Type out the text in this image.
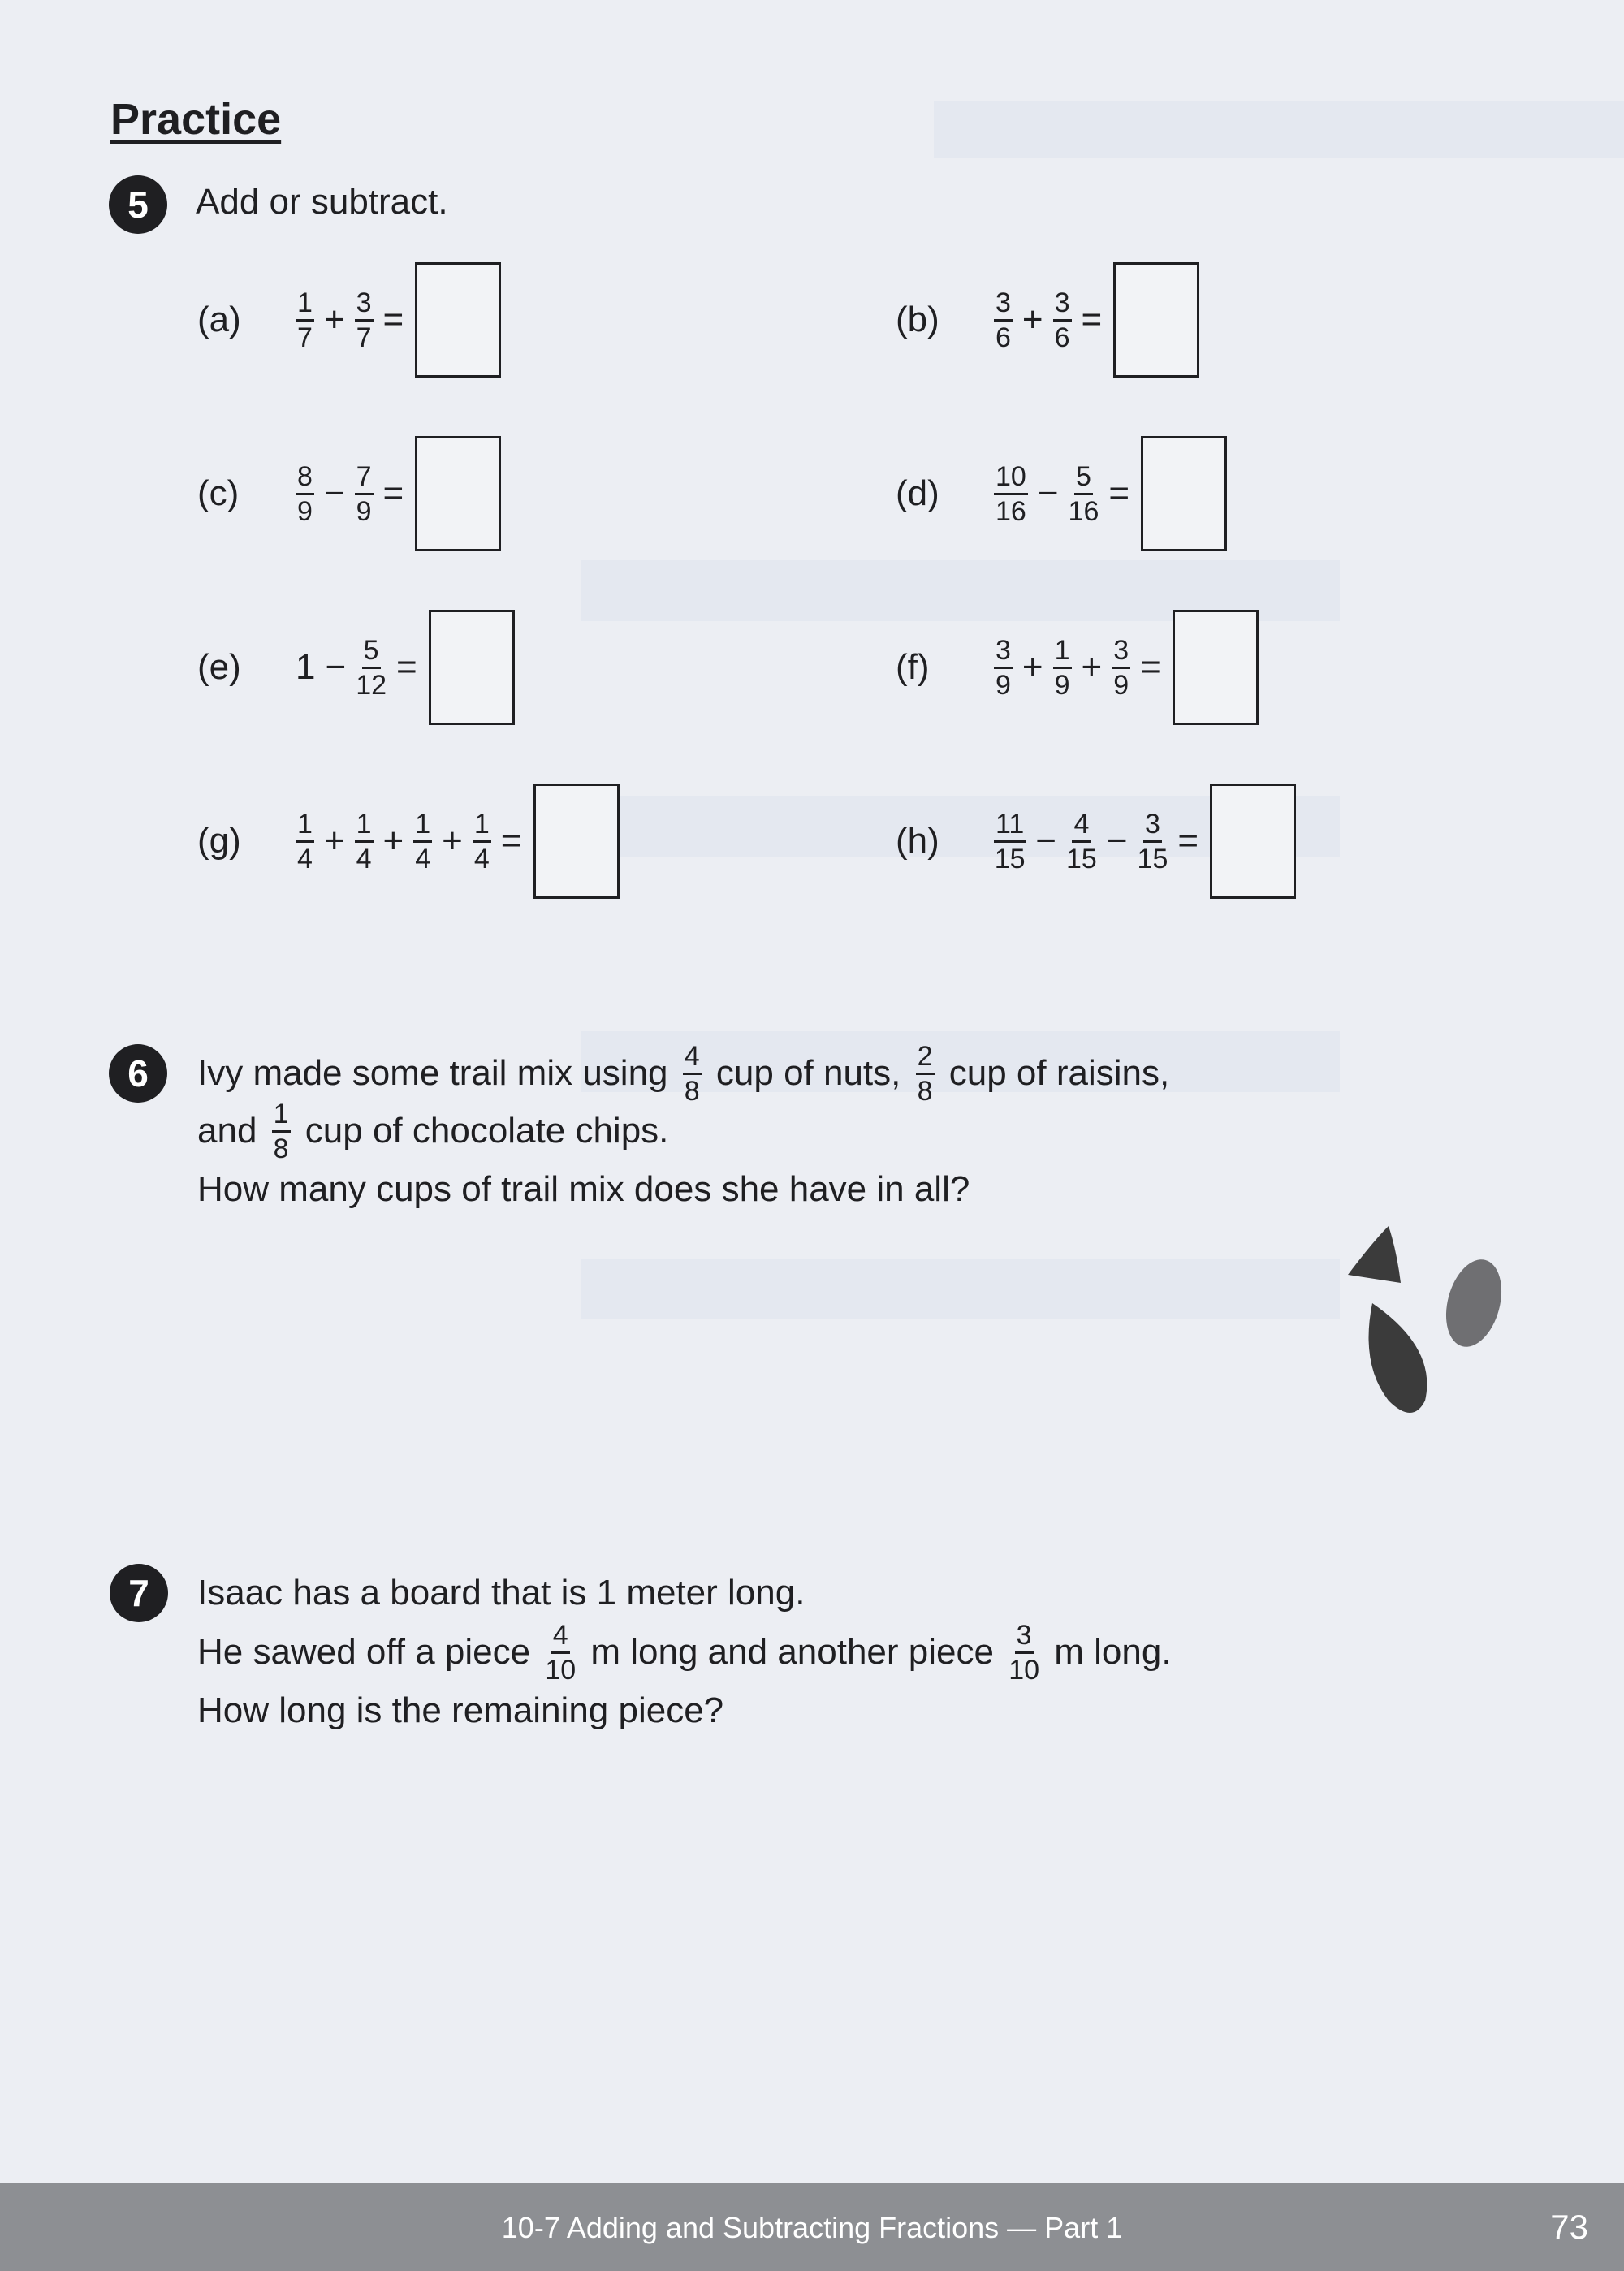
Practice
5	Add or subtract.
(a)	$\frac{1}{7} + \frac{3}{7}$ =	(b)	$\frac{3}{6} + \frac{3}{6}$ =
(c)	$\frac{8}{9} - \frac{7}{9}$ =	(d)	$\frac{10}{16} - \frac{5}{16}$ =
(e)	$1 - \frac{5}{12}$ =	(f)	$\frac{3}{9} + \frac{1}{9} + \frac{3}{9}$ =
(g)	$\frac{1}{4} + \frac{1}{4} + \frac{1}{4} + \frac{1}{4}$ =	(h)	$\frac{11}{15} - \frac{4}{15} - \frac{3}{15}$ =
6	Ivy made some trail mix using $\frac{4}{8}$ cup of nuts, $\frac{2}{8}$ cup of raisins,
and $\frac{1}{8}$ cup of chocolate chips.
How many cups of trail mix does she have in all?
7	Isaac has a board that is 1 meter long.
He sawed off a piece $\frac{4}{10}$ m long and another piece $\frac{3}{10}$ m long.
How long is the remaining piece?
10-7 Adding and Subtracting Fractions — Part 1	73
